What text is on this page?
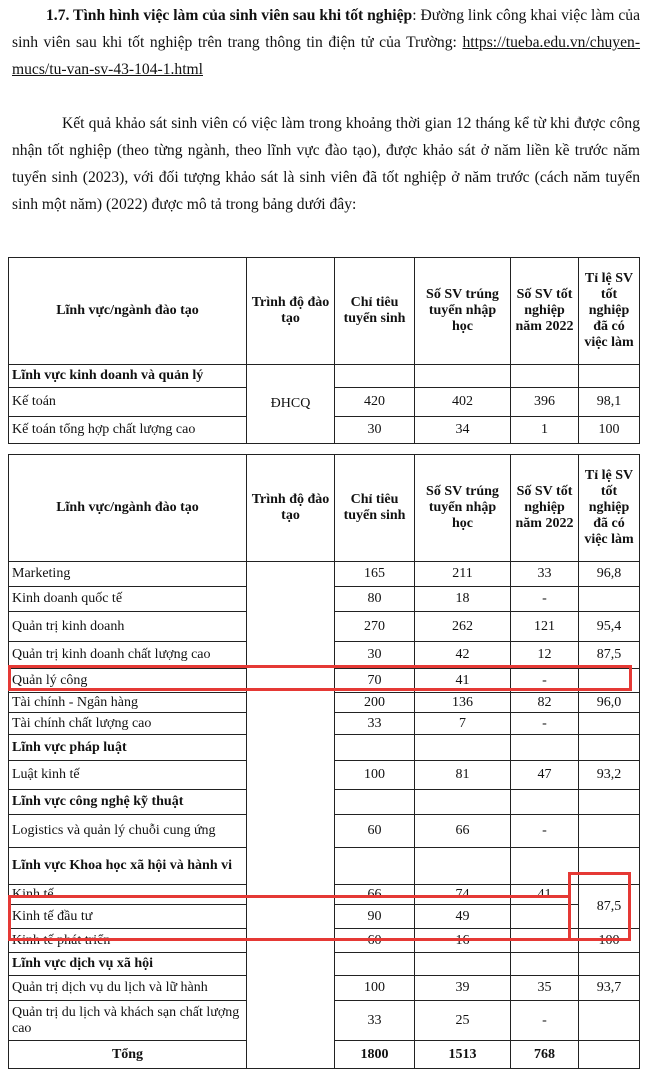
1.7. Tình hình việc làm của sinh viên sau khi tốt nghiệp: Đường link công khai việc làm của sinh viên sau khi tốt nghiệp trên trang thông tin điện tử của Trường: https://tueba.edu.vn/chuyen-mucs/tu-van-sv-43-104-1.html

Kết quả khảo sát sinh viên có việc làm trong khoảng thời gian 12 tháng kể từ khi được công nhận tốt nghiệp (theo từng ngành, theo lĩnh vực đào tạo), được khảo sát ở năm liền kề trước năm tuyển sinh (2023), với đối tượng khảo sát là sinh viên đã tốt nghiệp ở năm trước (cách năm tuyển sinh một năm) (2022) được mô tả trong bảng dưới đây:

Lĩnh vực/ngành đào tạo	Trình độ đào tạo	Chỉ tiêu tuyển sinh	Số SV trúng tuyển nhập học	Số SV tốt nghiệp năm 2022	Tỉ lệ SV tốt nghiệp đã có việc làm
Lĩnh vực kinh doanh và quản lý	ĐHCQ				
Kế toán		420	402	396	98,1
Kế toán tổng hợp chất lượng cao		30	34	1	100
Lĩnh vực/ngành đào tạo	Trình độ đào tạo	Chỉ tiêu tuyển sinh	Số SV trúng tuyển nhập học	Số SV tốt nghiệp năm 2022	Tỉ lệ SV tốt nghiệp đã có việc làm
Marketing		165	211	33	96,8
Kinh doanh quốc tế		80	18	-	
Quản trị kinh doanh		270	262	121	95,4
Quản trị kinh doanh chất lượng cao		30	42	12	87,5
Quản lý công		70	41	-	
Tài chính - Ngân hàng		200	136	82	96,0
Tài chính chất lượng cao		33	7	-	
Lĩnh vực pháp luật					
Luật kinh tế		100	81	47	93,2
Lĩnh vực công nghệ kỹ thuật					
Logistics và quản lý chuỗi cung ứng		60	66	-	
Lĩnh vực Khoa học xã hội và hành vi					
Kinh tế		66	74	41	87,5
Kinh tế đầu tư		90	49		
Kinh tế phát triển		60	16		100
Lĩnh vực dịch vụ xã hội					
Quản trị dịch vụ du lịch và lữ hành		100	39	35	93,7
Quản trị du lịch và khách sạn chất lượng cao		33	25	-	
Tổng		1800	1513	768	
